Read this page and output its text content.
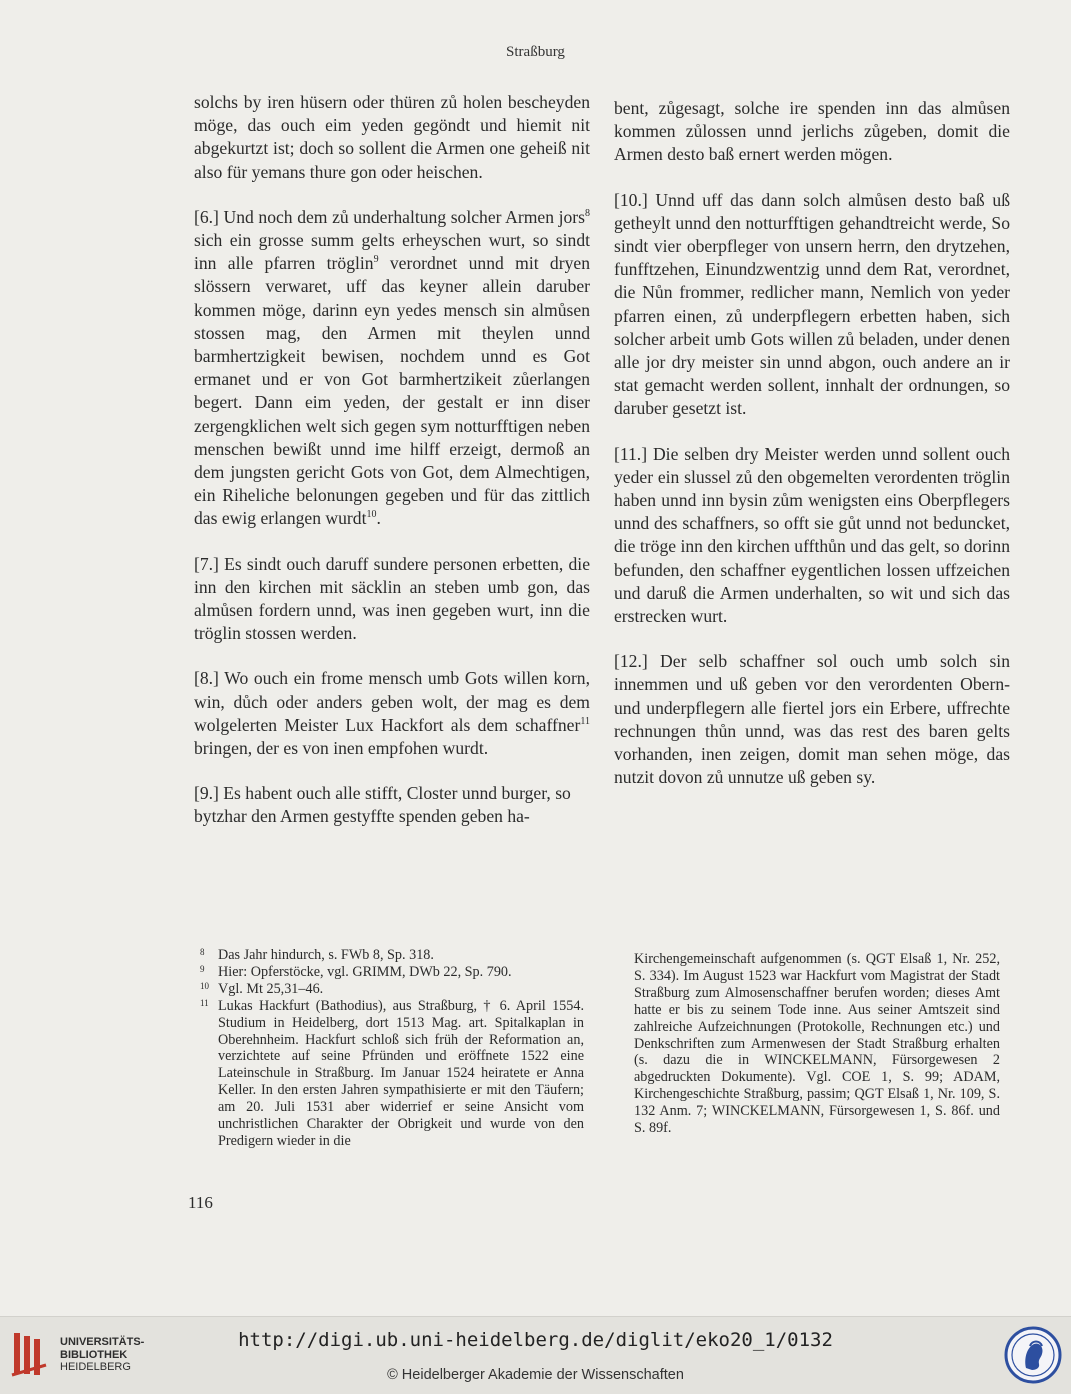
Straßburg

solchs by iren hüsern oder thüren zů holen bescheyden möge, das ouch eim yeden gegöndt und hiemit nit abgekurtzt ist; doch so sollent die Armen one geheiß nit also für yemans thure gon oder heischen.

[6.] Und noch dem zů underhaltung solcher Armen jors$^8$ sich ein grosse summ gelts erheyschen wurt, so sindt inn alle pfarren tröglin$^9$ verordnet unnd mit dryen slössern verwaret, uff das keyner allein daruber kommen möge, darinn eyn yedes mensch sin almůsen stossen mag, den Armen mit theylen unnd barmhertzigkeit bewisen, nochdem unnd es Got ermanet und er von Got barmhertzikeit zůerlangen begert. Dann eim yeden, der gestalt er inn diser zergengklichen welt sich gegen sym notturfftigen neben menschen bewißt unnd ime hilff erzeigt, dermoß an dem jungsten gericht Gots von Got, dem Almechtigen, ein Riheliche belonungen gegeben und für das zittlich das ewig erlangen wurdt$^{10}$.

[7.] Es sindt ouch daruff sundere personen erbetten, die inn den kirchen mit säcklin an steben umb gon, das almůsen fordern unnd, was inen gegeben wurt, inn die tröglin stossen werden.

[8.] Wo ouch ein frome mensch umb Gots willen korn, win, důch oder anders geben wolt, der mag es dem wolgelerten Meister Lux Hackfort als dem schaffner$^{11}$ bringen, der es von inen empfohen wurdt.

[9.] Es habent ouch alle stifft, Closter unnd burger, so bytzhar den Armen gestyffte spenden geben ha-

bent, zůgesagt, solche ire spenden inn das almůsen kommen zůlossen unnd jerlichs zůgeben, domit die Armen desto baß ernert werden mögen.

[10.] Unnd uff das dann solch almůsen desto baß uß getheylt unnd den notturfftigen gehandtreicht werde, So sindt vier oberpfleger von unsern herrn, den drytzehen, funfftzehen, Einundzwentzig unnd dem Rat, verordnet, die Nůn frommer, redlicher mann, Nemlich von yeder pfarren einen, zů underpflegern erbetten haben, sich solcher arbeit umb Gots willen zů beladen, under denen alle jor dry meister sin unnd abgon, ouch andere an ir stat gemacht werden sollent, innhalt der ordnungen, so daruber gesetzt ist.

[11.] Die selben dry Meister werden unnd sollent ouch yeder ein slussel zů den obgemelten verordenten tröglin haben unnd inn bysin zům wenigsten eins Oberpflegers unnd des schaffners, so offt sie gůt unnd not beduncket, die tröge inn den kirchen uffthůn und das gelt, so dorinn befunden, den schaffner eygentlichen lossen uffzeichen und daruß die Armen underhalten, so wit und sich das erstrecken wurt.

[12.] Der selb schaffner sol ouch umb solch sin innemmen und uß geben vor den verordenten Obern- und underpflegern alle fiertel jors ein Erbere, uffrechte rechnungen thůn unnd, was das rest des baren gelts vorhanden, inen zeigen, domit man sehen möge, das nutzit dovon zů unnutze uß geben sy.

8 Das Jahr hindurch, s. FWb 8, Sp. 318.

9 Hier: Opferstöcke, vgl. GRIMM, DWb 22, Sp. 790.

10 Vgl. Mt 25,31–46.

11 Lukas Hackfurt (Bathodius), aus Straßburg, † 6. April 1554. Studium in Heidelberg, dort 1513 Mag. art. Spitalkaplan in Oberehnheim. Hackfurt schloß sich früh der Reformation an, verzichtete auf seine Pfründen und eröffnete 1522 eine Lateinschule in Straßburg. Im Januar 1524 heiratete er Anna Keller. In den ersten Jahren sympathisierte er mit den Täufern; am 20. Juli 1531 aber widerrief er seine Ansicht vom unchristlichen Charakter der Obrigkeit und wurde von den Predigern wieder in die

Kirchengemeinschaft aufgenommen (s. QGT Elsaß 1, Nr. 252, S. 334). Im August 1523 war Hackfurt vom Magistrat der Stadt Straßburg zum Almosenschaffner berufen worden; dieses Amt hatte er bis zu seinem Tode inne. Aus seiner Amtszeit sind zahlreiche Aufzeichnungen (Protokolle, Rechnungen etc.) und Denkschriften zum Armenwesen der Stadt Straßburg erhalten (s. dazu die in WINCKELMANN, Fürsorgewesen 2 abgedruckten Dokumente). Vgl. COE 1, S. 99; ADAM, Kirchengeschichte Straßburg, passim; QGT Elsaß 1, Nr. 109, S. 132 Anm. 7; WINCKELMANN, Fürsorgewesen 1, S. 86f. und S. 89f.
116
UNIVERSITÄTS-
BIBLIOTHEK
HEIDELBERG
http://digi.ub.uni-heidelberg.de/diglit/eko20_1/0132
© Heidelberger Akademie der Wissenschaften
